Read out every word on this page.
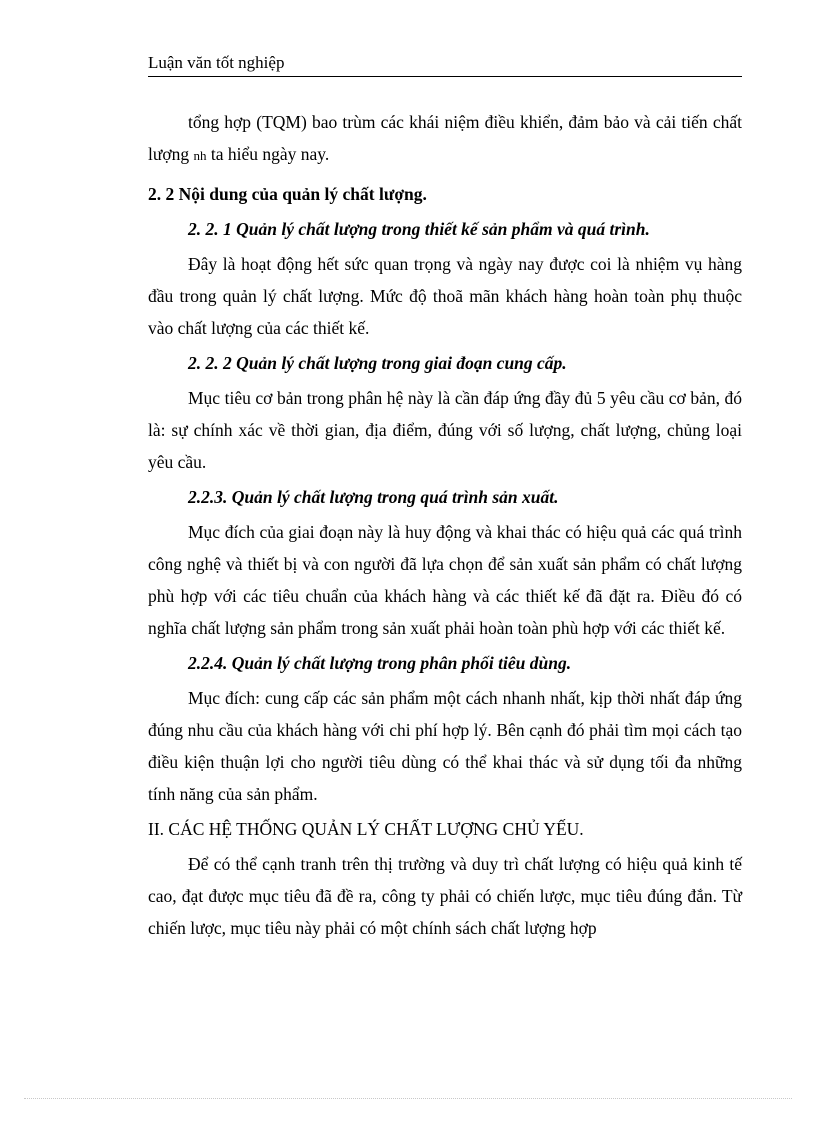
Luận văn tốt nghiệp

tổng hợp (TQM) bao trùm các khái niệm điều khiển, đảm bảo và cải tiến chất lượng nh ta hiểu ngày nay.

2. 2 Nội dung của quản lý chất lượng.
2. 2. 1 Quản lý chất lượng trong thiết kế sản phẩm và quá trình.

Đây là hoạt động hết sức quan trọng và ngày nay được coi là nhiệm vụ hàng đầu trong quản lý chất lượng. Mức độ thoã mãn khách hàng hoàn toàn phụ thuộc vào chất lượng của các thiết kế.

2. 2. 2 Quản lý chất lượng trong giai đoạn cung cấp.

Mục tiêu cơ bản trong phân hệ này là cần đáp ứng đầy đủ 5 yêu cầu cơ bản, đó là: sự chính xác về thời gian, địa điểm, đúng với số lượng, chất lượng, chủng loại yêu cầu.

2.2.3. Quản lý chất lượng trong quá trình sản xuất.

Mục đích của giai đoạn này là huy động và khai thác có hiệu quả các quá trình công nghệ và thiết bị và con người đã lựa chọn để sản xuất sản phẩm có chất lượng phù hợp với các tiêu chuẩn của khách hàng và các thiết kế đã đặt ra. Điều đó có nghĩa chất lượng sản phẩm trong sản xuất phải hoàn toàn phù hợp với các thiết kế.

2.2.4. Quản lý chất lượng trong phân phối tiêu dùng.

Mục đích: cung cấp các sản phẩm một cách nhanh nhất, kịp thời nhất đáp ứng đúng nhu cầu của khách hàng với chi phí hợp lý. Bên cạnh đó phải tìm mọi cách tạo điều kiện thuận lợi cho người tiêu dùng có thể khai thác và sử dụng tối đa những tính năng của sản phẩm.

II. CÁC HỆ THỐNG QUẢN LÝ CHẤT LƯỢNG CHỦ YẾU.

Để có thể cạnh tranh trên thị trường và duy trì chất lượng có hiệu quả kinh tế cao, đạt được mục tiêu đã đề ra, công ty phải có chiến lược, mục tiêu đúng đắn. Từ chiến lược, mục tiêu này phải có một chính sách chất lượng hợp
